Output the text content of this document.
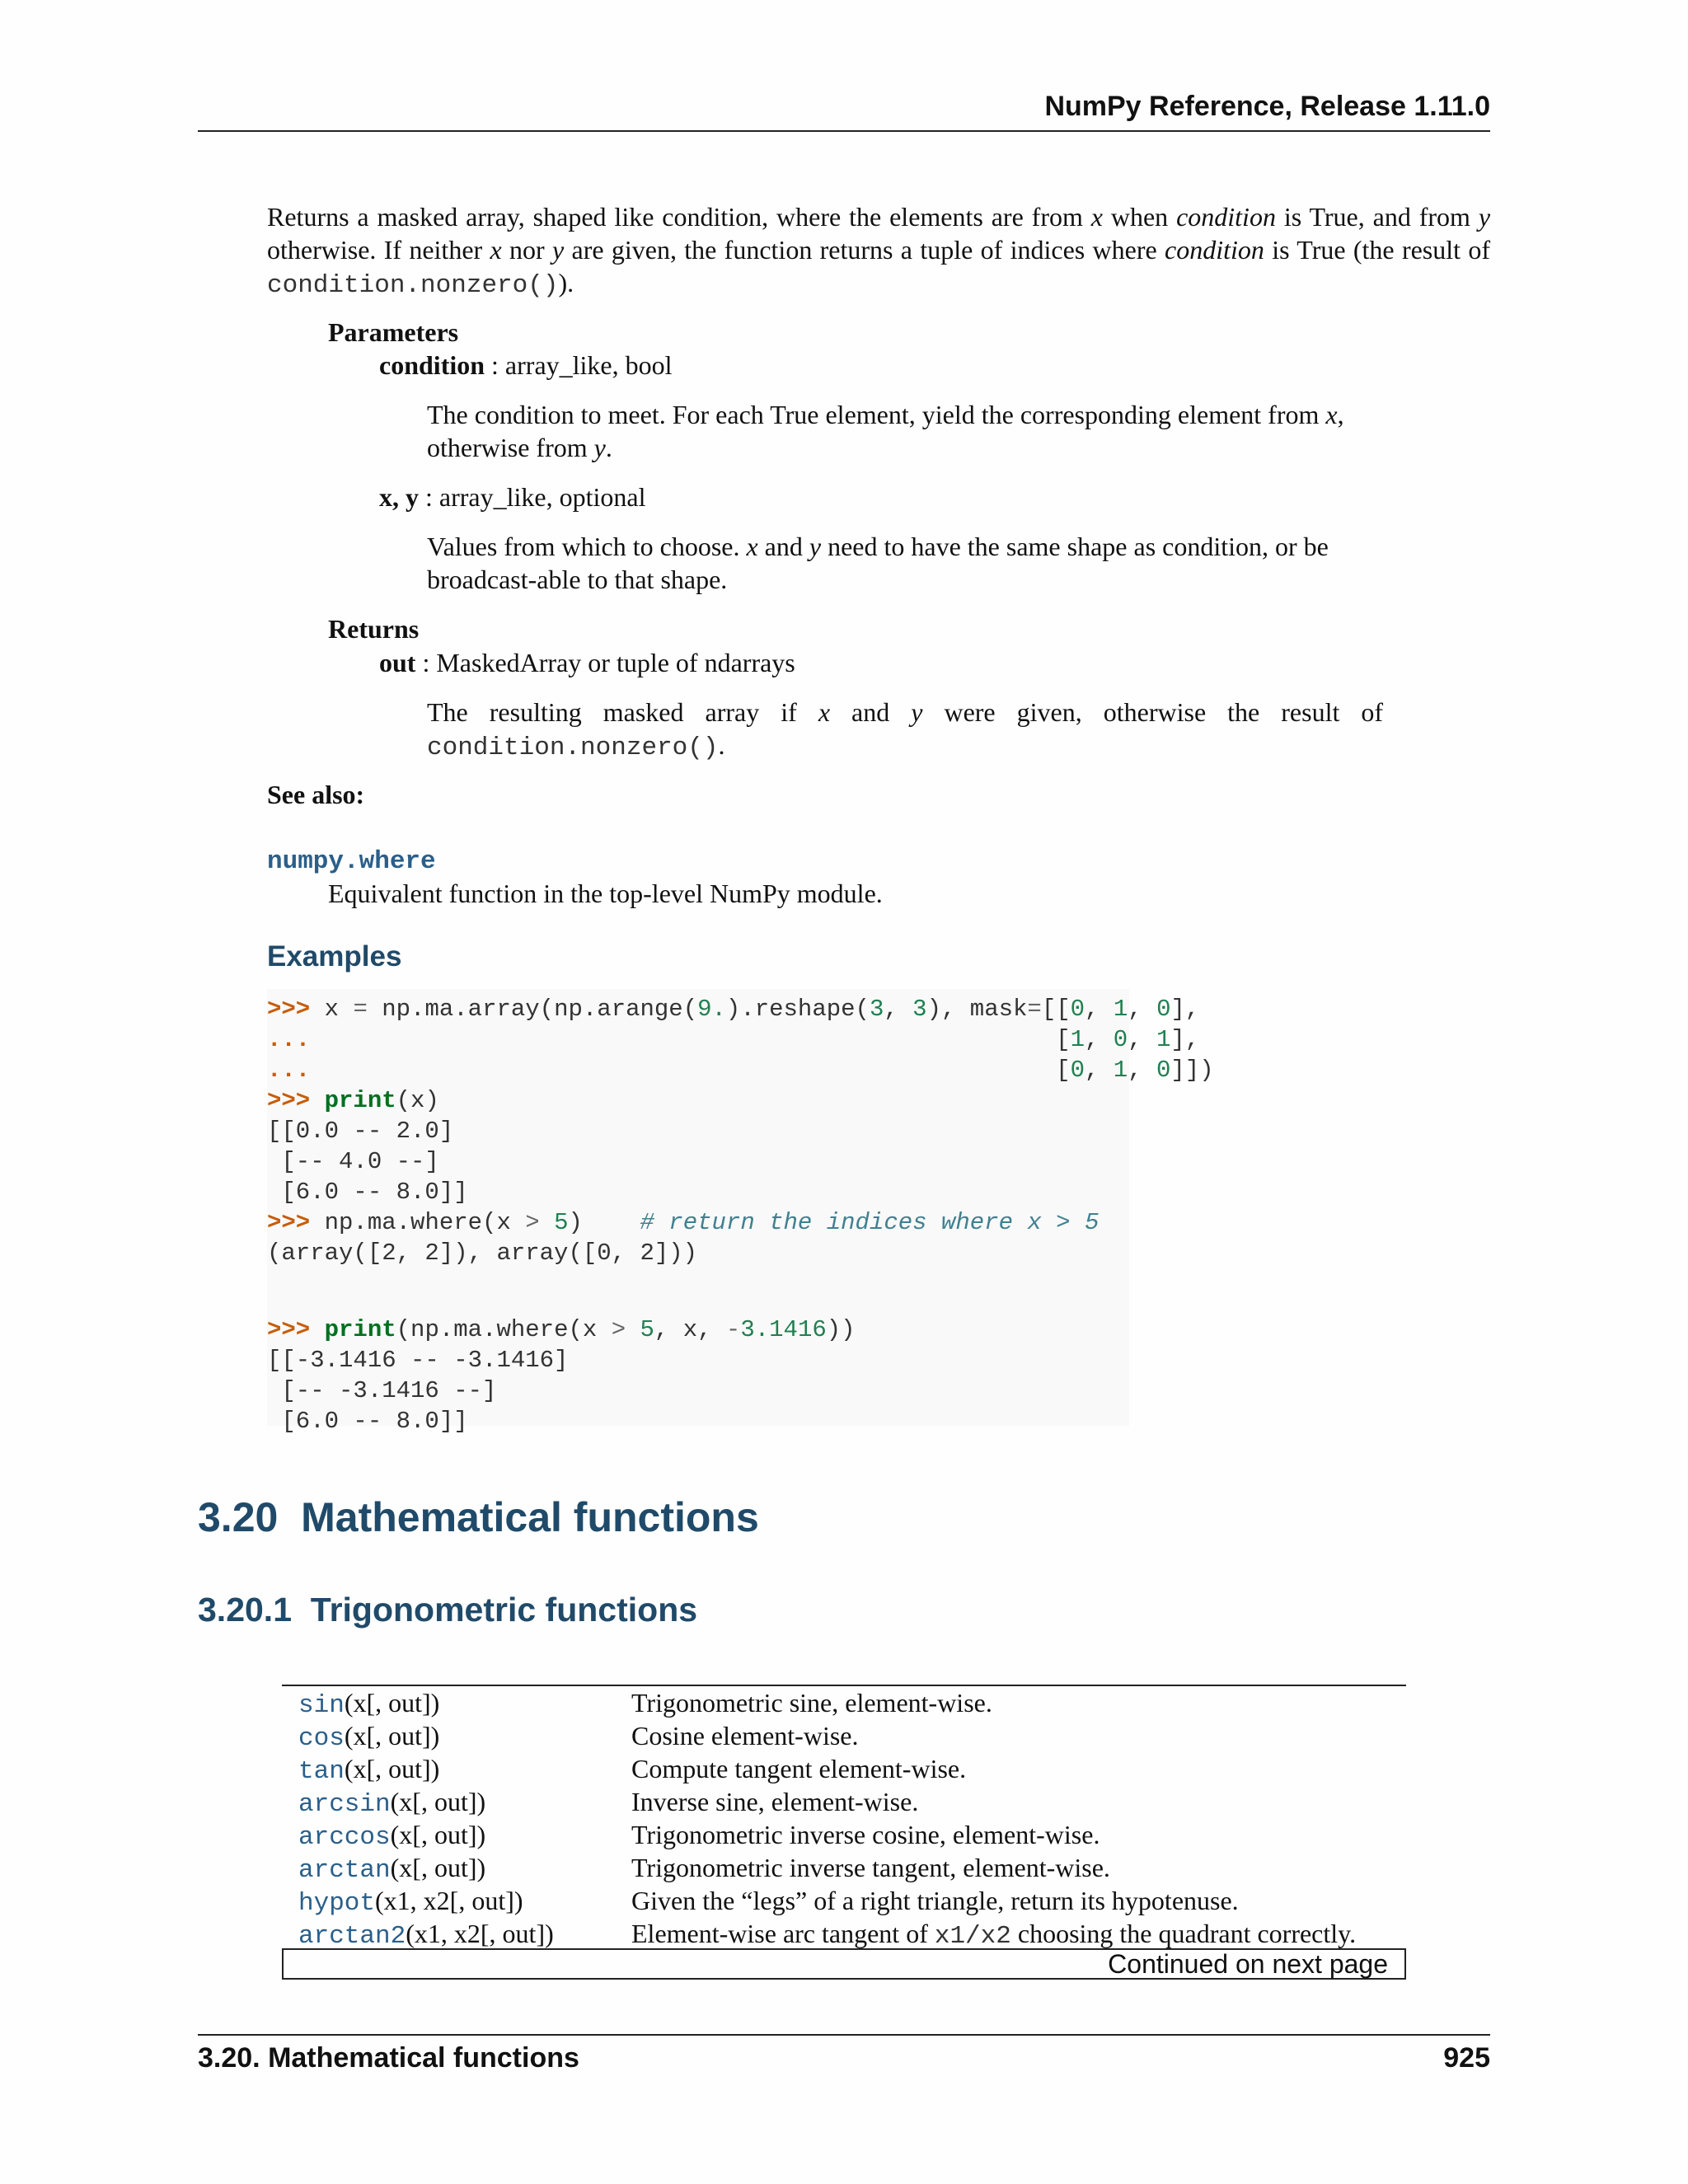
NumPy Reference, Release 1.11.0
Returns a masked array, shaped like condition, where the elements are from x when condition is True, and from y otherwise. If neither x nor y are given, the function returns a tuple of indices where condition is True (the result of condition.nonzero()).
Parameters
condition : array_like, bool
The condition to meet. For each True element, yield the corresponding element from x, otherwise from y.
x, y : array_like, optional
Values from which to choose. x and y need to have the same shape as condition, or be broadcast-able to that shape.
Returns
out : MaskedArray or tuple of ndarrays
The resulting masked array if x and y were given, otherwise the result of
condition.nonzero().
See also:
numpy.where
Equivalent function in the top-level NumPy module.
Examples
>>> x = np.ma.array(np.arange(9.).reshape(3, 3), mask=[[0, 1, 0],
...                                                    [1, 0, 1],
...                                                    [0, 1, 0]])
>>> print(x)
[[0.0 -- 2.0]
[-- 4.0 --]
[6.0 -- 8.0]]
>>> np.ma.where(x > 5)    # return the indices where x > 5
(array([2, 2]), array([0, 2]))
>>> print(np.ma.where(x > 5, x, -3.1416))
[[-3.1416 -- -3.1416]
[-- -3.1416 --]
[6.0 -- 8.0]]
3.20 Mathematical functions
3.20.1 Trigonometric functions
sin(x[, out])	Trigonometric sine, element-wise.
cos(x[, out])	Cosine element-wise.
tan(x[, out])	Compute tangent element-wise.
arcsin(x[, out])	Inverse sine, element-wise.
arccos(x[, out])	Trigonometric inverse cosine, element-wise.
arctan(x[, out])	Trigonometric inverse tangent, element-wise.
hypot(x1, x2[, out])	Given the “legs” of a right triangle, return its hypotenuse.
arctan2(x1, x2[, out])	Element-wise arc tangent of x1/x2 choosing the quadrant correctly.
Continued on next page
3.20. Mathematical functions	925
